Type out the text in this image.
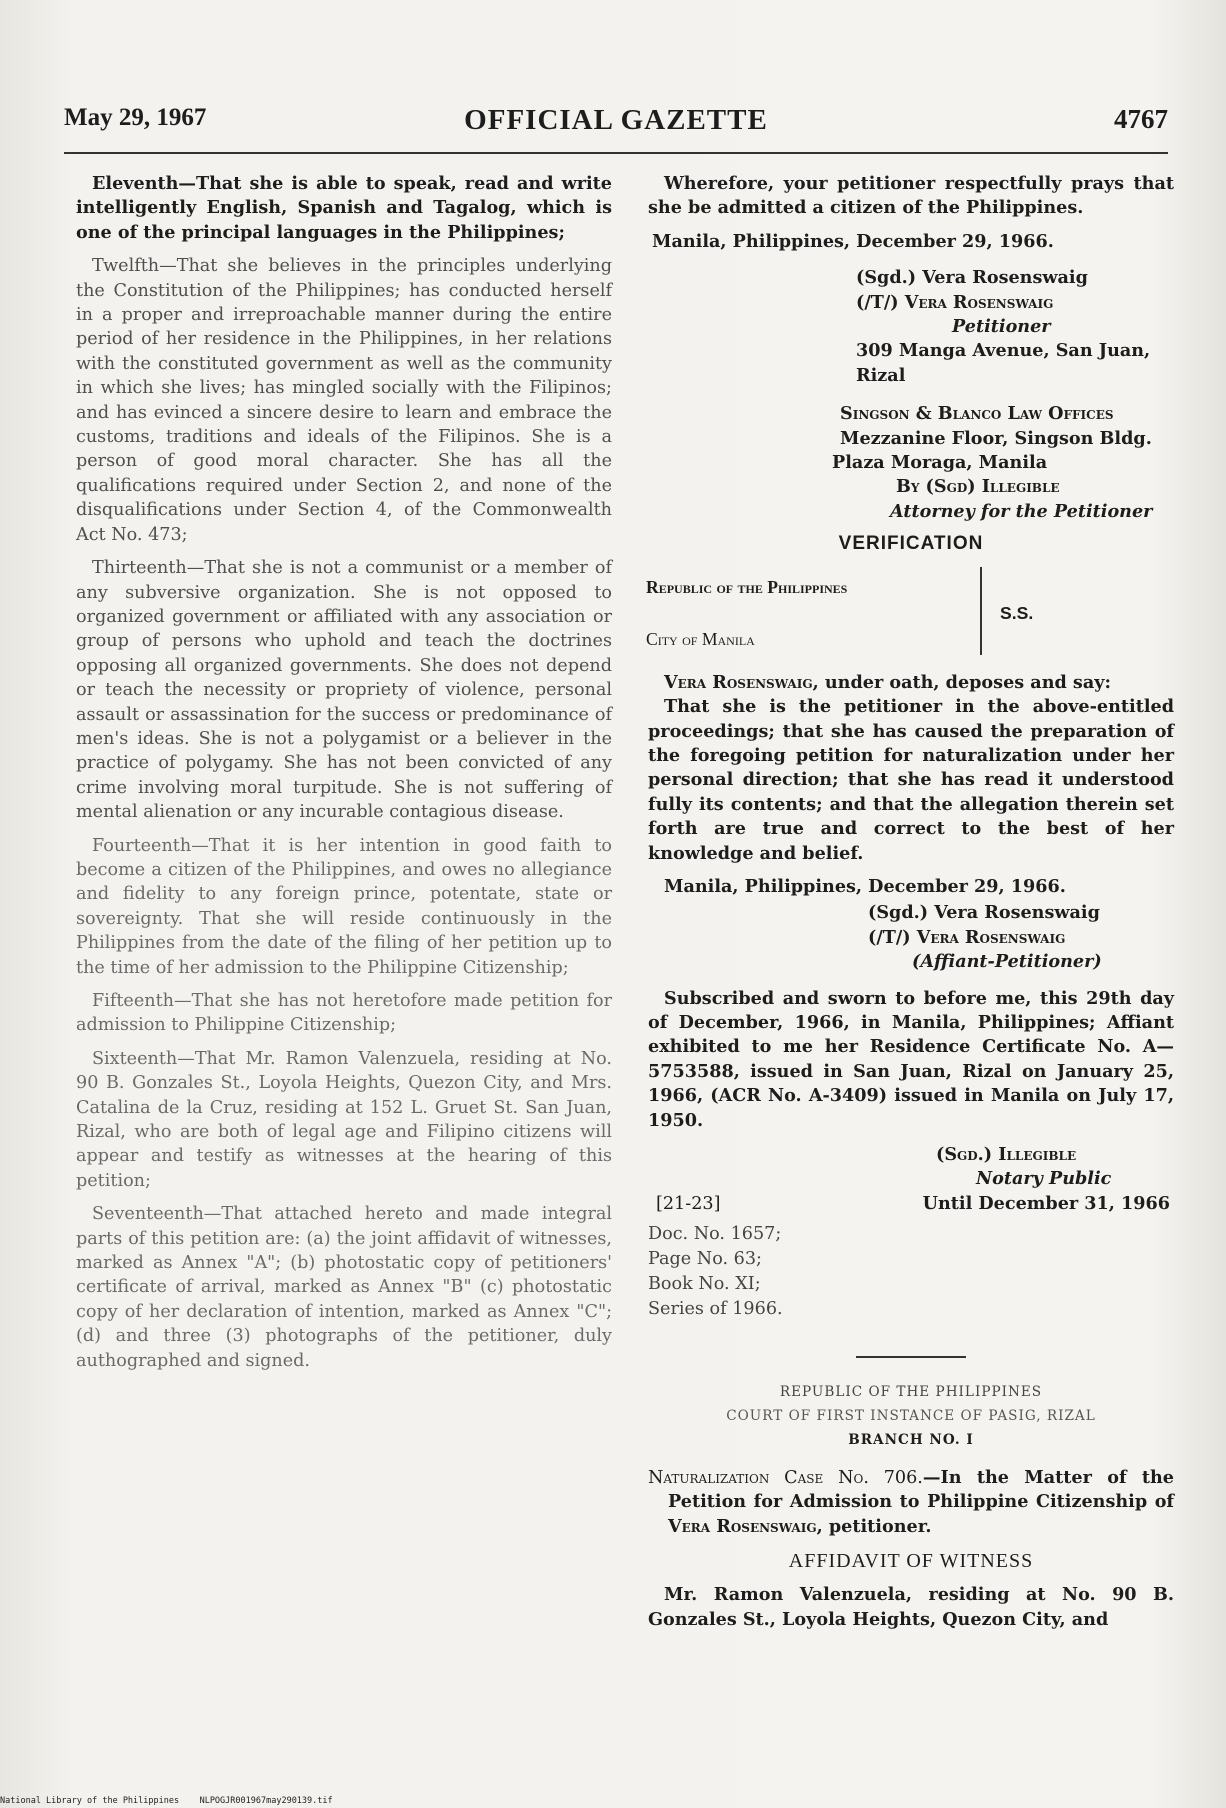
May 29, 1967	OFFICIAL GAZETTE	4767

Eleventh—That she is able to speak, read and write intelligently English, Spanish and Tagalog, which is one of the principal languages in the Philippines;

Twelfth—That she believes in the principles underlying the Constitution of the Philippines; has conducted herself in a proper and irreproachable manner during the entire period of her residence in the Philippines, in her relations with the constituted government as well as the community in which she lives; has mingled socially with the Filipinos; and has evinced a sincere desire to learn and embrace the customs, traditions and ideals of the Filipinos. She is a person of good moral character. She has all the qualifications required under Section 2, and none of the disqualifications under Section 4, of the Commonwealth Act No. 473;

Thirteenth—That she is not a communist or a member of any subversive organization. She is not opposed to organized government or affiliated with any association or group of persons who uphold and teach the doctrines opposing all organized governments. She does not depend or teach the necessity or propriety of violence, personal assault or assassination for the success or predominance of men's ideas. She is not a polygamist or a believer in the practice of polygamy. She has not been convicted of any crime involving moral turpitude. She is not suffering of mental alienation or any incurable contagious disease.

Fourteenth—That it is her intention in good faith to become a citizen of the Philippines, and owes no allegiance and fidelity to any foreign prince, potentate, state or sovereignty. That she will reside continuously in the Philippines from the date of the filing of her petition up to the time of her admission to the Philippine Citizenship;

Fifteenth—That she has not heretofore made petition for admission to Philippine Citizenship;

Sixteenth—That Mr. Ramon Valenzuela, residing at No. 90 B. Gonzales St., Loyola Heights, Quezon City, and Mrs. Catalina de la Cruz, residing at 152 L. Gruet St. San Juan, Rizal, who are both of legal age and Filipino citizens will appear and testify as witnesses at the hearing of this petition;

Seventeenth—That attached hereto and made integral parts of this petition are: (a) the joint affidavit of witnesses, marked as Annex "A"; (b) photostatic copy of petitioners' certificate of arrival, marked as Annex "B" (c) photostatic copy of her declaration of intention, marked as Annex "C"; (d) and three (3) photographs of the petitioner, duly authographed and signed.

Wherefore, your petitioner respectfully prays that she be admitted a citizen of the Philippines.

Manila, Philippines, December 29, 1966.
(Sgd.) Vera Rosenswaig
(/T/) Vera Rosenswaig
Petitioner
309 Manga Avenue, San Juan,
Rizal
Singson & Blanco Law Offices
Mezzanine Floor, Singson Bldg.
Plaza Moraga, Manila
By (Sgd) Illegible
Attorney for the Petitioner
VERIFICATION
Republic of the Philippines
S.S.
City of Manila

Vera Rosenswaig, under oath, deposes and say:

That she is the petitioner in the above-entitled proceedings; that she has caused the preparation of the foregoing petition for naturalization under her personal direction; that she has read it understood fully its contents; and that the allegation therein set forth are true and correct to the best of her knowledge and belief.

Manila, Philippines, December 29, 1966.
(Sgd.) Vera Rosenswaig
(/T/) Vera Rosenswaig
(Affiant-Petitioner)

Subscribed and sworn to before me, this 29th day of December, 1966, in Manila, Philippines; Affiant exhibited to me her Residence Certificate No. A—5753588, issued in San Juan, Rizal on January 25, 1966, (ACR No. A-3409) issued in Manila on July 17, 1950.

(Sgd.) Illegible
Notary Public
[21-23]	Until December 31, 1966
Doc. No. 1657;
Page No. 63;
Book No. XI;
Series of 1966.
REPUBLIC OF THE PHILIPPINES
COURT OF FIRST INSTANCE OF PASIG, RIZAL
BRANCH NO. I
Naturalization Case No. 706.—In the Matter of the Petition for Admission to Philippine Citizenship of Vera Rosenswaig, petitioner.
AFFIDAVIT OF WITNESS

Mr. Ramon Valenzuela, residing at No. 90 B. Gonzales St., Loyola Heights, Quezon City, and

National Library of the Philippines    NLPOGJR001967may290139.tif
